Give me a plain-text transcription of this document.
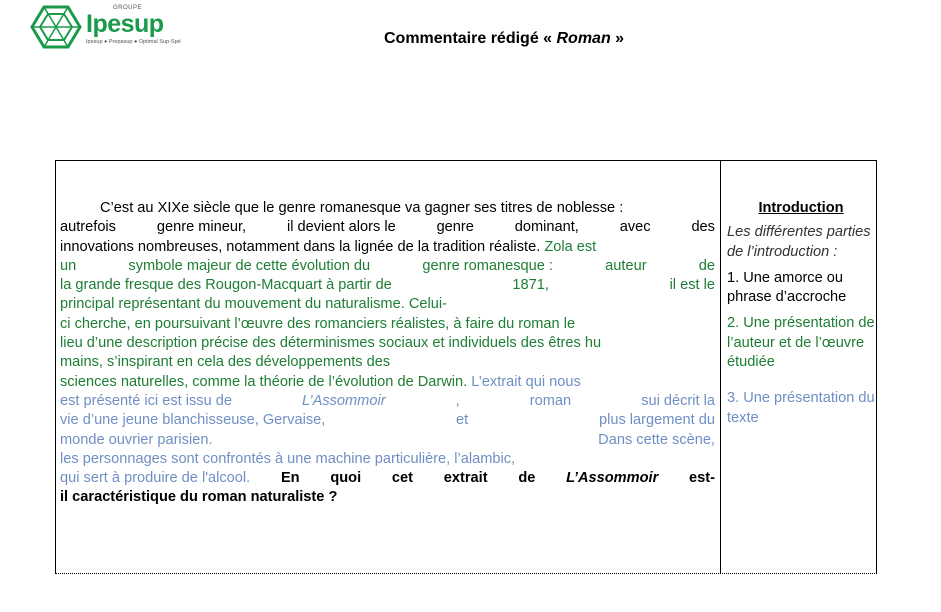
GROUPE
Ipesup
Ipesup ● Prepasup ● Optimal Sup-Spé	Commentaire rédigé « Roman »
C’est au XIXe siècle que le genre romanesque va gagner ses titres de noblesse :
autrefois	genre mineur,	il devient alors le	genre	dominant,	avec	des
innovations nombreuses, notamment dans la lignée de la tradition réaliste. Zola est
un	symbole majeur de cette évolution du	genre romanesque :	auteur	de
la grande fresque des Rougon-Macquart à partir de	1871,	il est le
principal représentant du mouvement du naturalisme. Celui-
ci cherche, en poursuivant l’œuvre des romanciers réalistes, à faire du roman le
lieu d’une description précise des déterminismes sociaux et individuels des êtres hu
mains, s’inspirant en cela des développements des
sciences naturelles, comme la théorie de l’évolution de Darwin. L’extrait qui nous
est présenté ici est issu de	L’Assommoir	,	roman	sui décrit la
vie d’une jeune blanchisseuse, Gervaise,	et	plus largement du
monde ouvrier parisien.	Dans cette scène,
les personnages sont confrontés à une machine particulière, l’alambic,
qui sert à produire de l'alcool. En quoi cet extrait de L’Assommoir est-
il caractéristique du roman naturaliste ?
Introduction
Les différentes parties de l’introduction :
1. Une amorce ou phrase d’accroche
2. Une présentation de l’auteur et de l’œuvre étudiée
3. Une présentation du texte
